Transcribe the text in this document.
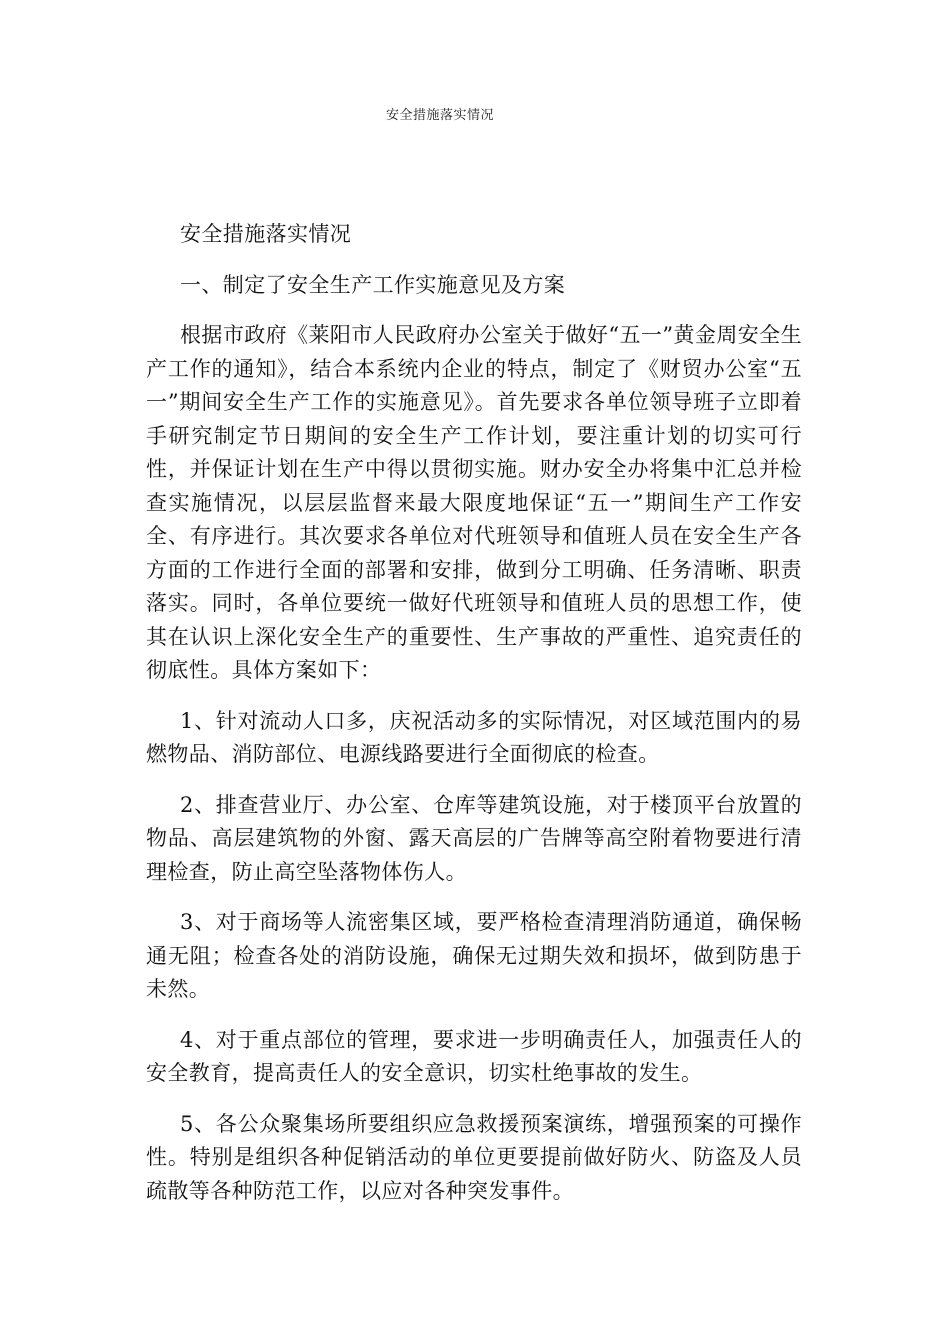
安全措施落实情况

安全措施落实情况

一、制定了安全生产工作实施意见及方案

根据市政府《莱阳市人民政府办公室关于做好“五一”黄金周安全生产工作的通知》，结合本系统内企业的特点，制定了《财贸办公室“五一”期间安全生产工作的实施意见》。首先要求各单位领导班子立即着手研究制定节日期间的安全生产工作计划，要注重计划的切实可行性，并保证计划在生产中得以贯彻实施。财办安全办将集中汇总并检查实施情况，以层层监督来最大限度地保证“五一”期间生产工作安全、有序进行。其次要求各单位对代班领导和值班人员在安全生产各方面的工作进行全面的部署和安排，做到分工明确、任务清晰、职责落实。同时，各单位要统一做好代班领导和值班人员的思想工作，使其在认识上深化安全生产的重要性、生产事故的严重性、追究责任的彻底性。具体方案如下：

1、针对流动人口多，庆祝活动多的实际情况，对区域范围内的易燃物品、消防部位、电源线路要进行全面彻底的检查。

2、排查营业厅、办公室、仓库等建筑设施，对于楼顶平台放置的物品、高层建筑物的外窗、露天高层的广告牌等高空附着物要进行清理检查，防止高空坠落物体伤人。

3、对于商场等人流密集区域，要严格检查清理消防通道，确保畅通无阻；检查各处的消防设施，确保无过期失效和损坏，做到防患于未然。

4、对于重点部位的管理，要求进一步明确责任人，加强责任人的安全教育，提高责任人的安全意识，切实杜绝事故的发生。

5、各公众聚集场所要组织应急救援预案演练，增强预案的可操作性。特别是组织各种促销活动的单位更要提前做好防火、防盗及人员疏散等各种防范工作，以应对各种突发事件。
